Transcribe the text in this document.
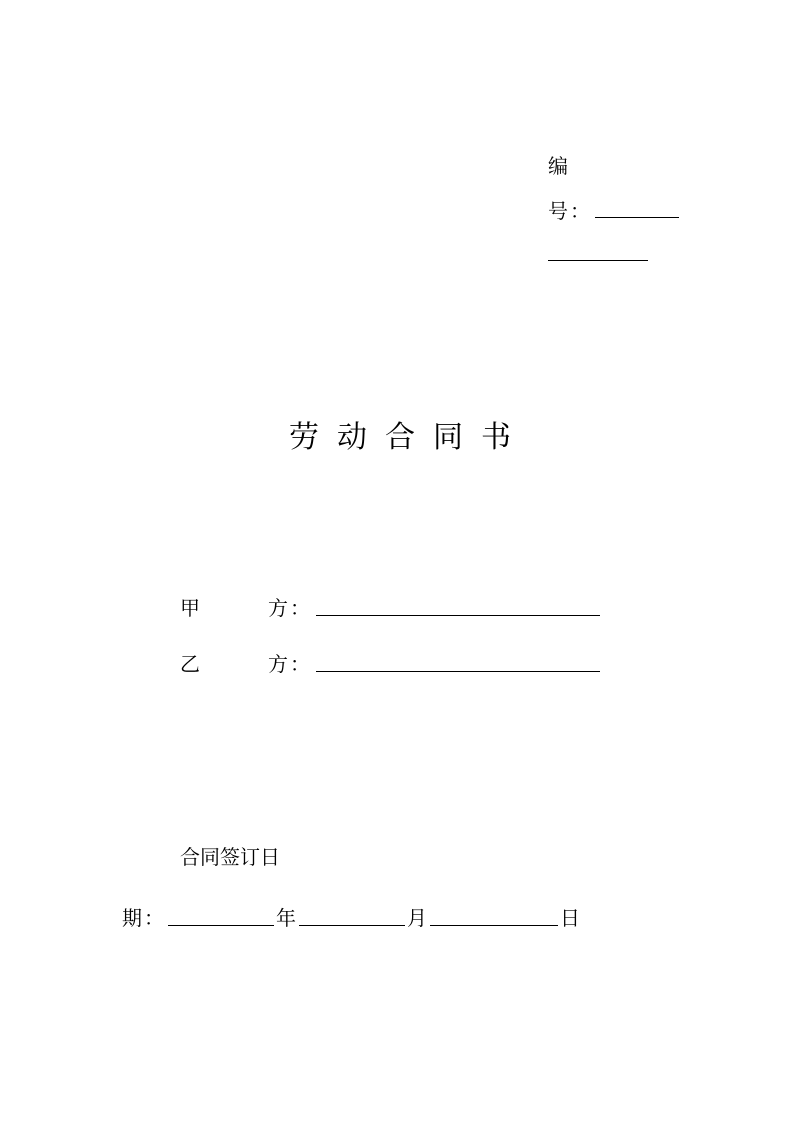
编
号 ：
劳动合同书
甲	方 ：
乙	方 ：
合同签订日
期 ：	年	月	日
